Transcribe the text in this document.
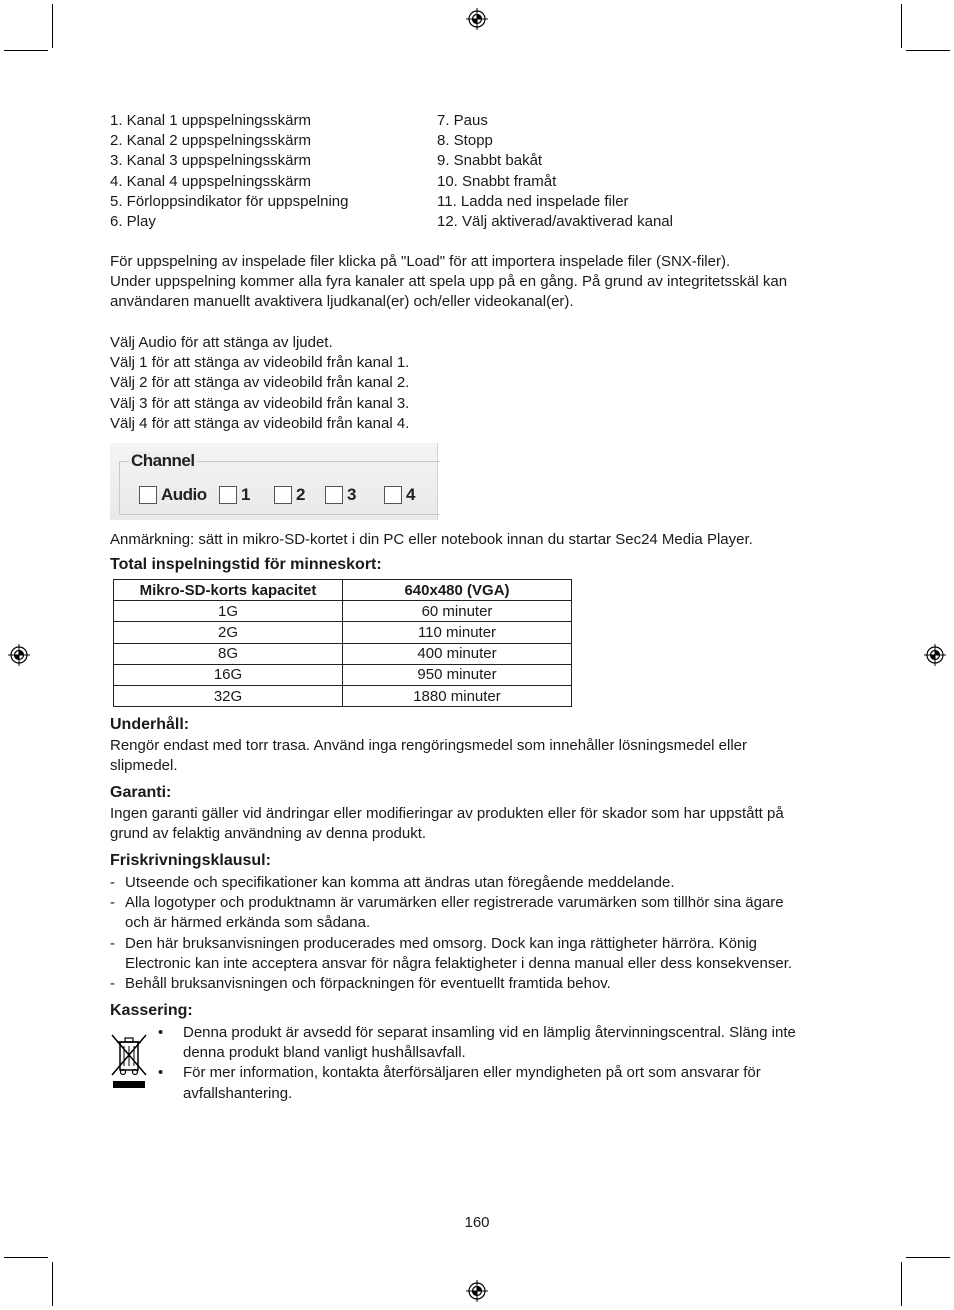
1. Kanal 1 uppspelningsskärm
2. Kanal 2 uppspelningsskärm
3. Kanal 3 uppspelningsskärm
4. Kanal 4 uppspelningsskärm
5. Förloppsindikator för uppspelning
6. Play
7. Paus
8. Stopp
9. Snabbt bakåt
10. Snabbt framåt
11. Ladda ned inspelade filer
12. Välj aktiverad/avaktiverad kanal
För uppspelning av inspelade filer klicka på "Load" för att importera inspelade filer (SNX-filer).
Under uppspelning kommer alla fyra kanaler att spela upp på en gång. På grund av integritetsskäl kan
användaren manuellt avaktivera ljudkanal(er) och/eller videokanal(er).
Välj Audio för att stänga av ljudet.
Välj 1 för att stänga av videobild från kanal 1.
Välj 2 för att stänga av videobild från kanal 2.
Välj 3 för att stänga av videobild från kanal 3.
Välj 4 för att stänga av videobild från kanal 4.
Channel
Audio 1	2 3	4
Anmärkning: sätt in mikro-SD-kortet i din PC eller notebook innan du startar Sec24 Media Player.
Total inspelningstid för minneskort:
Mikro-SD-korts kapacitet	640x480 (VGA)
1G	60 minuter
2G	110 minuter
8G	400 minuter
16G	950 minuter
32G	1880 minuter
Underhåll:
Rengör endast med torr trasa. Använd inga rengöringsmedel som innehåller lösningsmedel eller
slipmedel.
Garanti:
Ingen garanti gäller vid ändringar eller modifieringar av produkten eller för skador som har uppstått på
grund av felaktig användning av denna produkt.
Friskrivningsklausul:
- Utseende och specifikationer kan komma att ändras utan föregående meddelande.
- Alla logotyper och produktnamn är varumärken eller registrerade varumärken som tillhör sina ägare
och är härmed erkända som sådana.
- Den här bruksanvisningen producerades med omsorg. Dock kan inga rättigheter härröra. König
Electronic kan inte acceptera ansvar för några felaktigheter i denna manual eller dess konsekvenser.
- Behåll bruksanvisningen och förpackningen för eventuellt framtida behov.
Kassering:
• Denna produkt är avsedd för separat insamling vid en lämplig återvinningscentral. Släng inte
denna produkt bland vanligt hushållsavfall.
• För mer information, kontakta återförsäljaren eller myndigheten på ort som ansvarar för
avfallshantering.
160
